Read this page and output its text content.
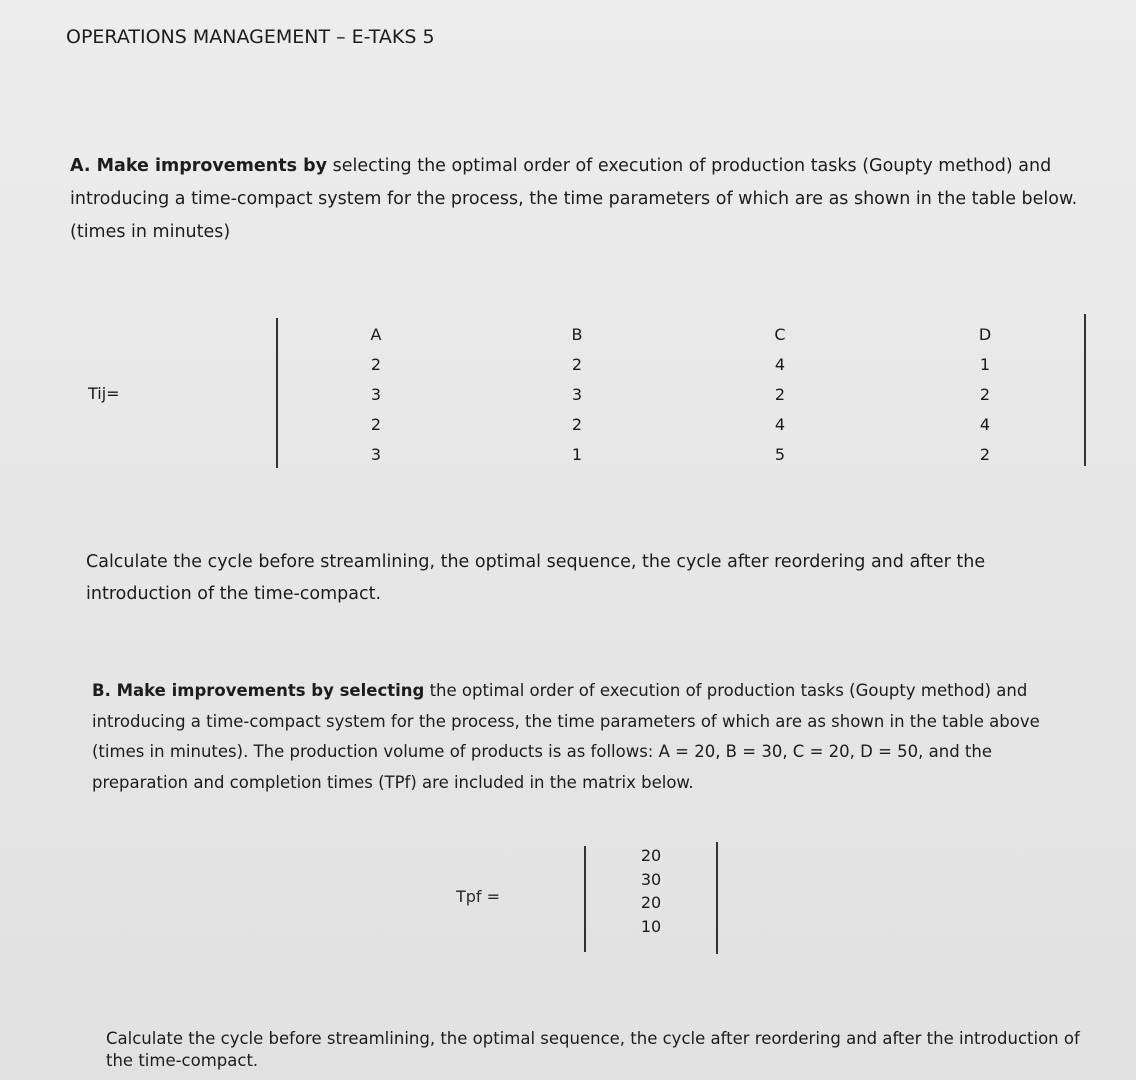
OPERATIONS MANAGEMENT – E-TAKS 5
A. Make improvements by selecting the optimal order of execution of production tasks (Goupty method) and introducing a time-compact system for the process, the time parameters of which are as shown in the table below. (times in minutes)
Tij=
A
2
3
2
3
B
2
3
2
1
C
4
2
4
5
D
1
2
4
2
Calculate the cycle before streamlining, the optimal sequence, the cycle after reordering and after the introduction of the time-compact.
B. Make improvements by selecting the optimal order of execution of production tasks (Goupty method) and introducing a time-compact system for the process, the time parameters of which are as shown in the table above (times in minutes). The production volume of products is as follows: A = 20, B = 30, C = 20, D = 50, and the preparation and completion times (TPf) are included in the matrix below.
Tpf =
20
30
20
10
Calculate the cycle before streamlining, the optimal sequence, the cycle after reordering and after the introduction of the time-compact.
